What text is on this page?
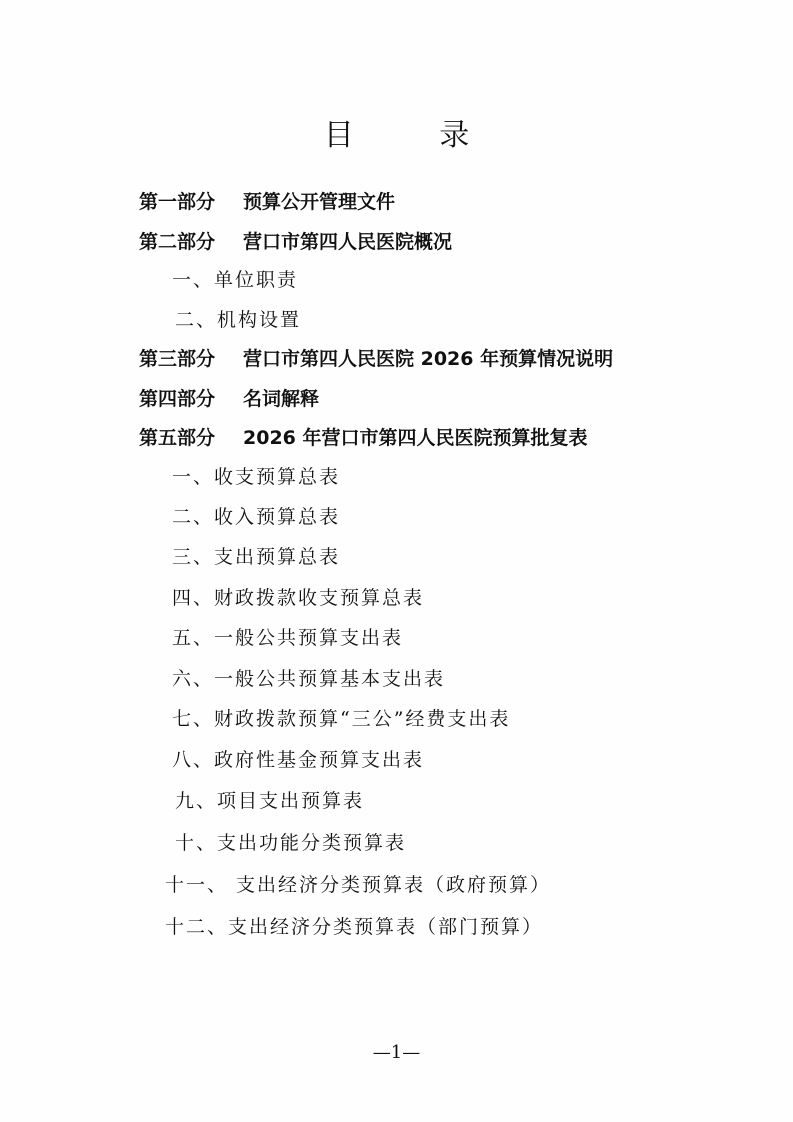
目 录
第一部分 预算公开管理文件
第二部分 营口市第四人民医院概况
一、单位职责
二、机构设置
第三部分 营口市第四人民医院 2026 年预算情况说明
第四部分 名词解释
第五部分 2026 年营口市第四人民医院预算批复表
一、收支预算总表
二、收入预算总表
三、支出预算总表
四、财政拨款收支预算总表
五、一般公共预算支出表
六、一般公共预算基本支出表
七、财政拨款预算“三公”经费支出表
八、政府性基金预算支出表
九、项目支出预算表
十、支出功能分类预算表
十一、 支出经济分类预算表（政府预算）
十二、支出经济分类预算表（部门预算）
—1—
